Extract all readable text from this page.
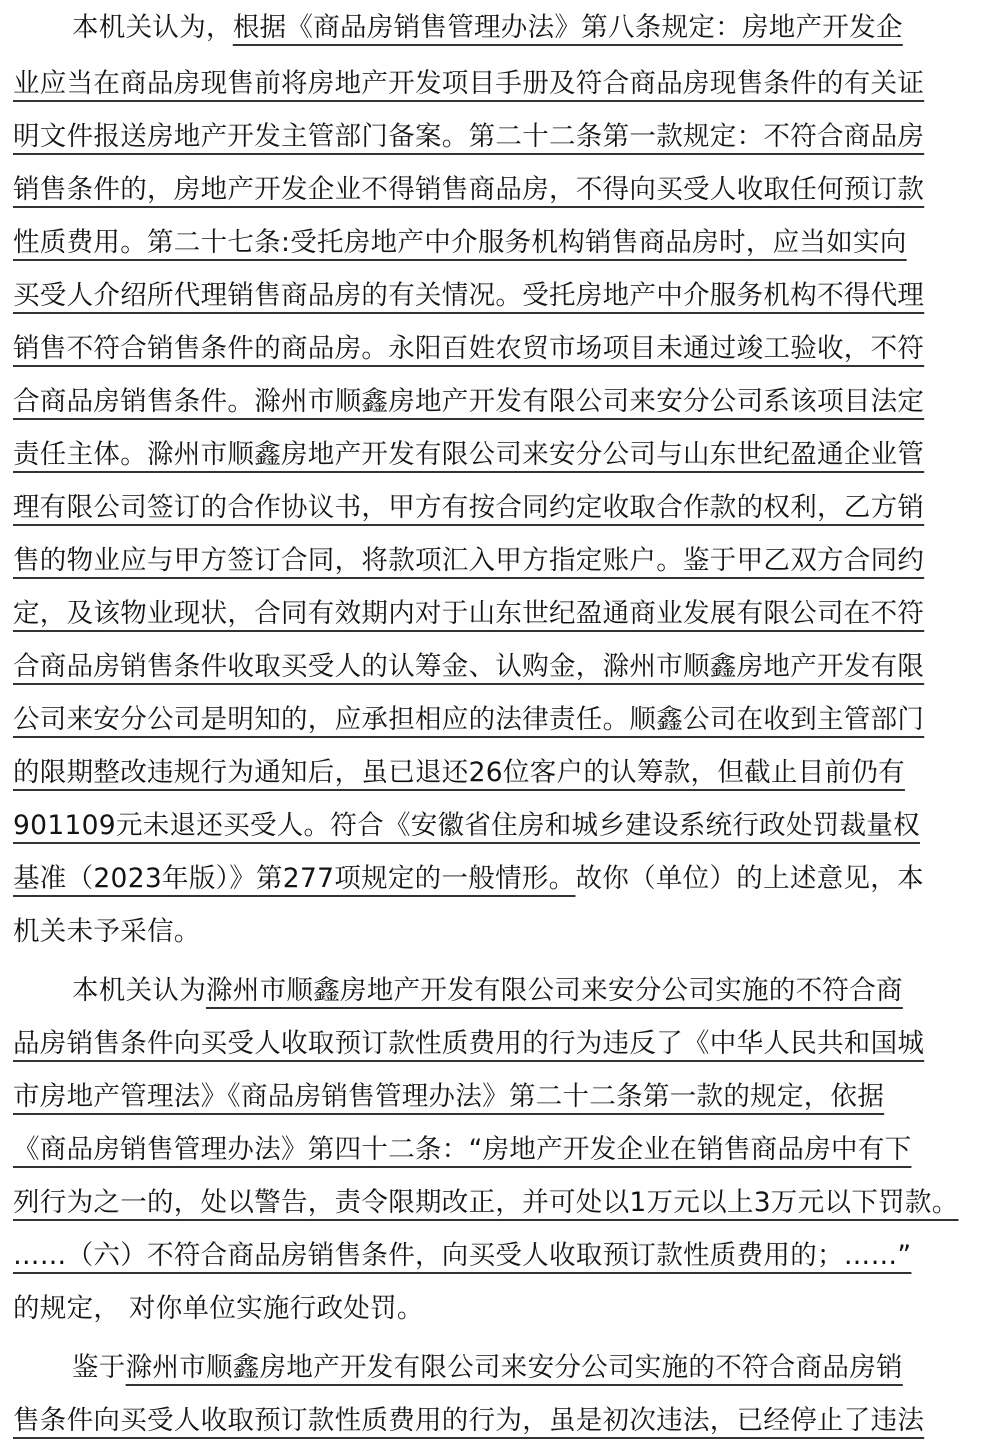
本机关认为，根据《商品房销售管理办法》第八条规定：房地产开发企
业应当在商品房现售前将房地产开发项目手册及符合商品房现售条件的有关证
明文件报送房地产开发主管部门备案。第二十二条第一款规定：不符合商品房
销售条件的，房地产开发企业不得销售商品房，不得向买受人收取任何预订款
性质费用。第二十七条:受托房地产中介服务机构销售商品房时，应当如实向
买受人介绍所代理销售商品房的有关情况。受托房地产中介服务机构不得代理
销售不符合销售条件的商品房。永阳百姓农贸市场项目未通过竣工验收，不符
合商品房销售条件。滁州市顺鑫房地产开发有限公司来安分公司系该项目法定
责任主体。滁州市顺鑫房地产开发有限公司来安分公司与山东世纪盈通企业管
理有限公司签订的合作协议书，甲方有按合同约定收取合作款的权利，乙方销
售的物业应与甲方签订合同，将款项汇入甲方指定账户。鉴于甲乙双方合同约
定，及该物业现状，合同有效期内对于山东世纪盈通商业发展有限公司在不符
合商品房销售条件收取买受人的认筹金、认购金，滁州市顺鑫房地产开发有限
公司来安分公司是明知的，应承担相应的法律责任。顺鑫公司在收到主管部门
的限期整改违规行为通知后，虽已退还26位客户的认筹款，但截止目前仍有
901109元未退还买受人。符合《安徽省住房和城乡建设系统行政处罚裁量权
基准（2023年版）》第277项规定的一般情形。故你（单位）的上述意见，本
机关未予采信。
本机关认为滁州市顺鑫房地产开发有限公司来安分公司实施的不符合商
品房销售条件向买受人收取预订款性质费用的行为违反了《中华人民共和国城
市房地产管理法》《商品房销售管理办法》第二十二条第一款的规定，依据
《商品房销售管理办法》第四十二条：“房地产开发企业在销售商品房中有下
列行为之一的，处以警告，责令限期改正，并可处以1万元以上3万元以下罚款。
……（六）不符合商品房销售条件，向买受人收取预订款性质费用的；……”
的规定， 对你单位实施行政处罚。
鉴于滁州市顺鑫房地产开发有限公司来安分公司实施的不符合商品房销
售条件向买受人收取预订款性质费用的行为，虽是初次违法，已经停止了违法
